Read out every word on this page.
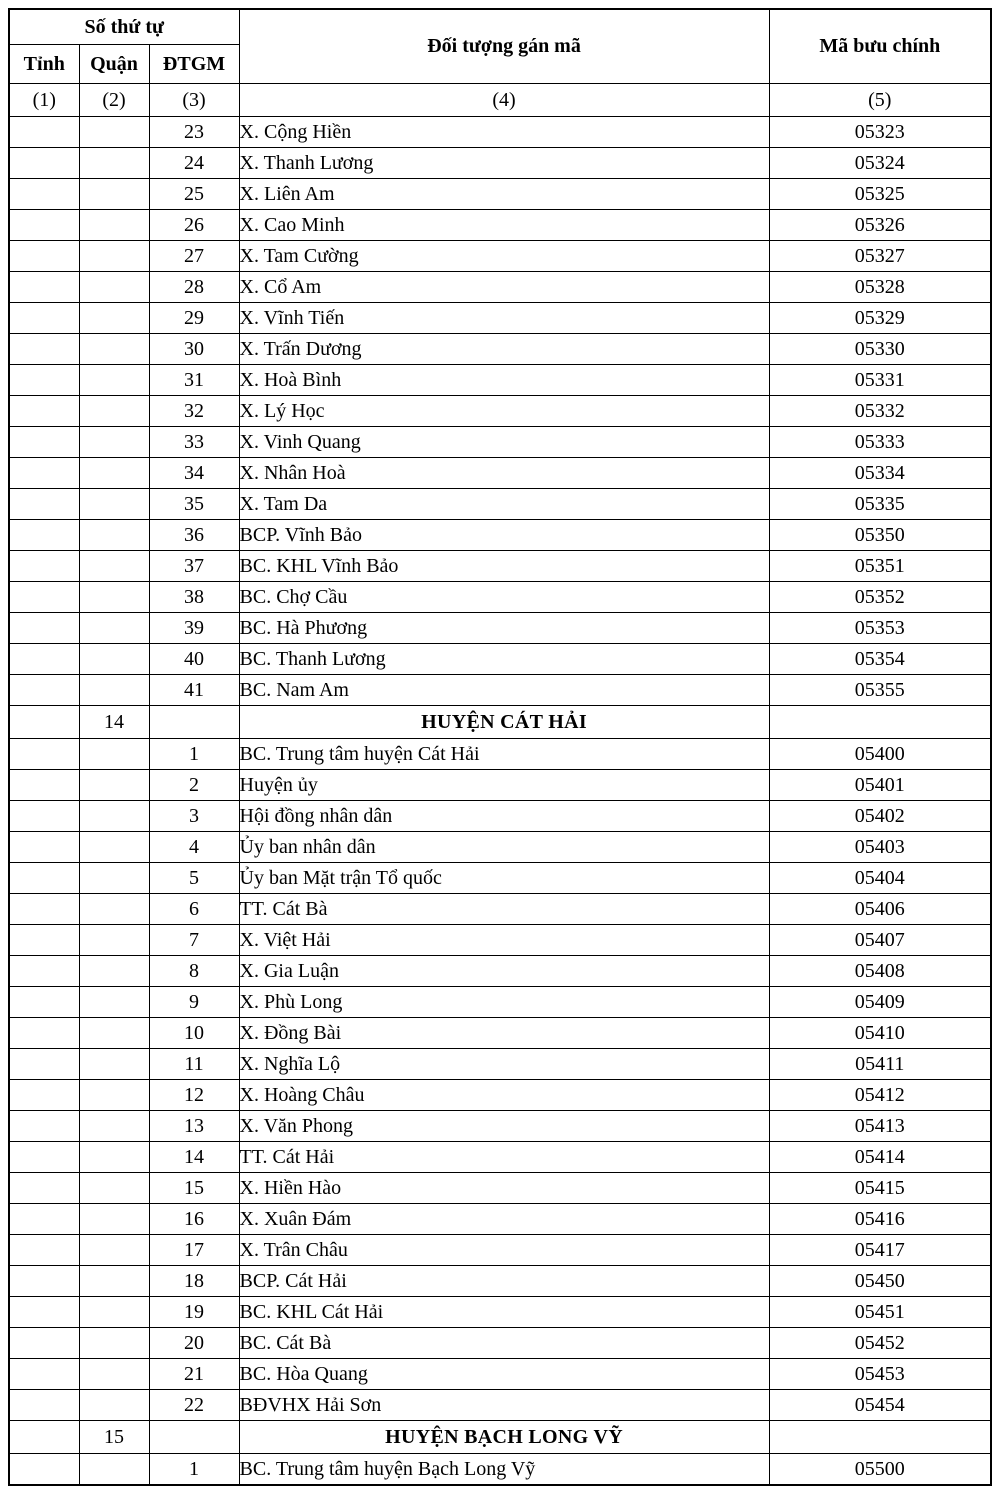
Số thứ tự			Đối tượng gán mã	Mã bưu chính
Tỉnh	Quận	ĐTGM		
(1)	(2)	(3)	(4)	(5)
		23	X. Cộng Hiền	05323
		24	X. Thanh Lương	05324
		25	X. Liên Am	05325
		26	X. Cao Minh	05326
		27	X. Tam Cường	05327
		28	X. Cổ Am	05328
		29	X. Vĩnh Tiến	05329
		30	X. Trấn Dương	05330
		31	X. Hoà Bình	05331
		32	X. Lý Học	05332
		33	X. Vinh Quang	05333
		34	X. Nhân Hoà	05334
		35	X. Tam Da	05335
		36	BCP. Vĩnh Bảo	05350
		37	BC. KHL Vĩnh Bảo	05351
		38	BC. Chợ Cầu	05352
		39	BC. Hà Phương	05353
		40	BC. Thanh Lương	05354
		41	BC. Nam Am	05355
	14		HUYỆN CÁT HẢI	
		1	BC. Trung tâm huyện Cát Hải	05400
		2	Huyện ủy	05401
		3	Hội đồng nhân dân	05402
		4	Ủy ban nhân dân	05403
		5	Ủy ban Mặt trận Tổ quốc	05404
		6	TT. Cát Bà	05406
		7	X. Việt Hải	05407
		8	X. Gia Luận	05408
		9	X. Phù Long	05409
		10	X. Đồng Bài	05410
		11	X. Nghĩa Lộ	05411
		12	X. Hoàng Châu	05412
		13	X. Văn Phong	05413
		14	TT. Cát Hải	05414
		15	X. Hiền Hào	05415
		16	X. Xuân Đám	05416
		17	X. Trân Châu	05417
		18	BCP. Cát Hải	05450
		19	BC. KHL Cát Hải	05451
		20	BC. Cát Bà	05452
		21	BC. Hòa Quang	05453
		22	BĐVHX Hải Sơn	05454
	15		HUYỆN BẠCH LONG VỸ	
		1	BC. Trung tâm huyện Bạch Long Vỹ	05500
